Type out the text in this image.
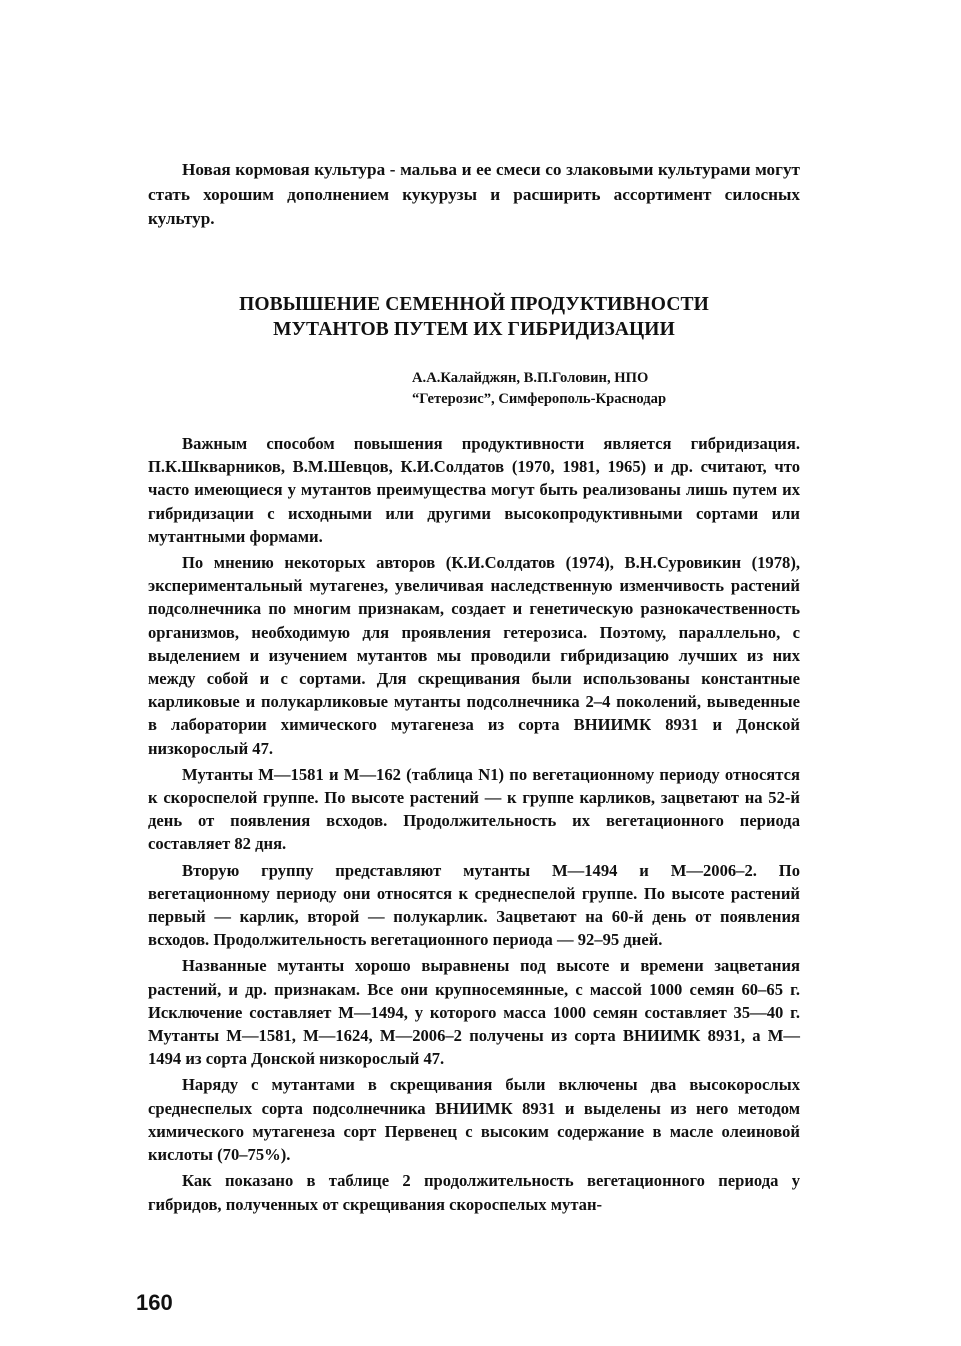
Новая кормовая культура - мальва и ее смеси со злаковыми культурами могут стать хорошим дополнением кукурузы и расширить ассортимент силосных культур.

ПОВЫШЕНИЕ СЕМЕННОЙ ПРОДУКТИВНОСТИ
МУТАНТОВ ПУТЕМ ИХ ГИБРИДИЗАЦИИ
А.А.Калайджян, В.П.Головин, НПО
“Гетерозис”, Симферополь-Краснодар

Важным способом повышения продуктивности является гибридизация. П.К.Шкварников, В.М.Шевцов, К.И.Солдатов (1970, 1981, 1965) и др. считают, что часто имеющиеся у мутантов преимущества могут быть реализованы лишь путем их гибридизации с исходными или другими высокопродуктивными сортами или мутантными формами.

По мнению некоторых авторов (К.И.Солдатов (1974), В.Н.Суровикин (1978), экспериментальный мутагенез, увеличивая наследственную изменчивость растений подсолнечника по многим признакам, создает и генетическую разнокачественность организмов, необходимую для проявления гетерозиса. Поэтому, параллельно, с выделением и изучением мутантов мы проводили гибридизацию лучших из них между собой и с сортами. Для скрещивания были использованы константные карликовые и полукарликовые мутанты подсолнечника 2–4 поколений, выведенные в лаборатории химического мутагенеза из сорта ВНИИМК 8931 и Донской низкорослый 47.

Мутанты М—1581 и М—162 (таблица N1) по вегетационному периоду относятся к скороспелой группе. По высоте растений — к группе карликов, зацветают на 52-й день от появления всходов. Продолжительность их вегетационного периода составляет 82 дня.

Вторую группу представляют мутанты М—1494 и М—2006–2. По вегетационному периоду они относятся к среднеспелой группе. По высоте растений первый — карлик, второй — полукарлик. Зацветают на 60-й день от появления всходов. Продолжительность вегетационного периода — 92–95 дней.

Названные мутанты хорошо выравнены под высоте и времени зацветания растений, и др. признакам. Все они крупносемянные, с массой 1000 семян 60–65 г. Исключение составляет М—1494, у которого масса 1000 семян составляет 35—40 г. Мутанты М—1581, М—1624, М—2006–2 получены из сорта ВНИИМК 8931, а М—1494 из сорта Донской низкорослый 47.

Наряду с мутантами в скрещивания были включены два высокорослых среднеспелых сорта подсолнечника ВНИИМК 8931 и выделены из него методом химического мутагенеза сорт Первенец с высоким содержание в масле олеиновой кислоты (70–75%).

Как показано в таблице 2 продолжительность вегетационного периода у гибридов, полученных от скрещивания скороспелых мутан-

160
